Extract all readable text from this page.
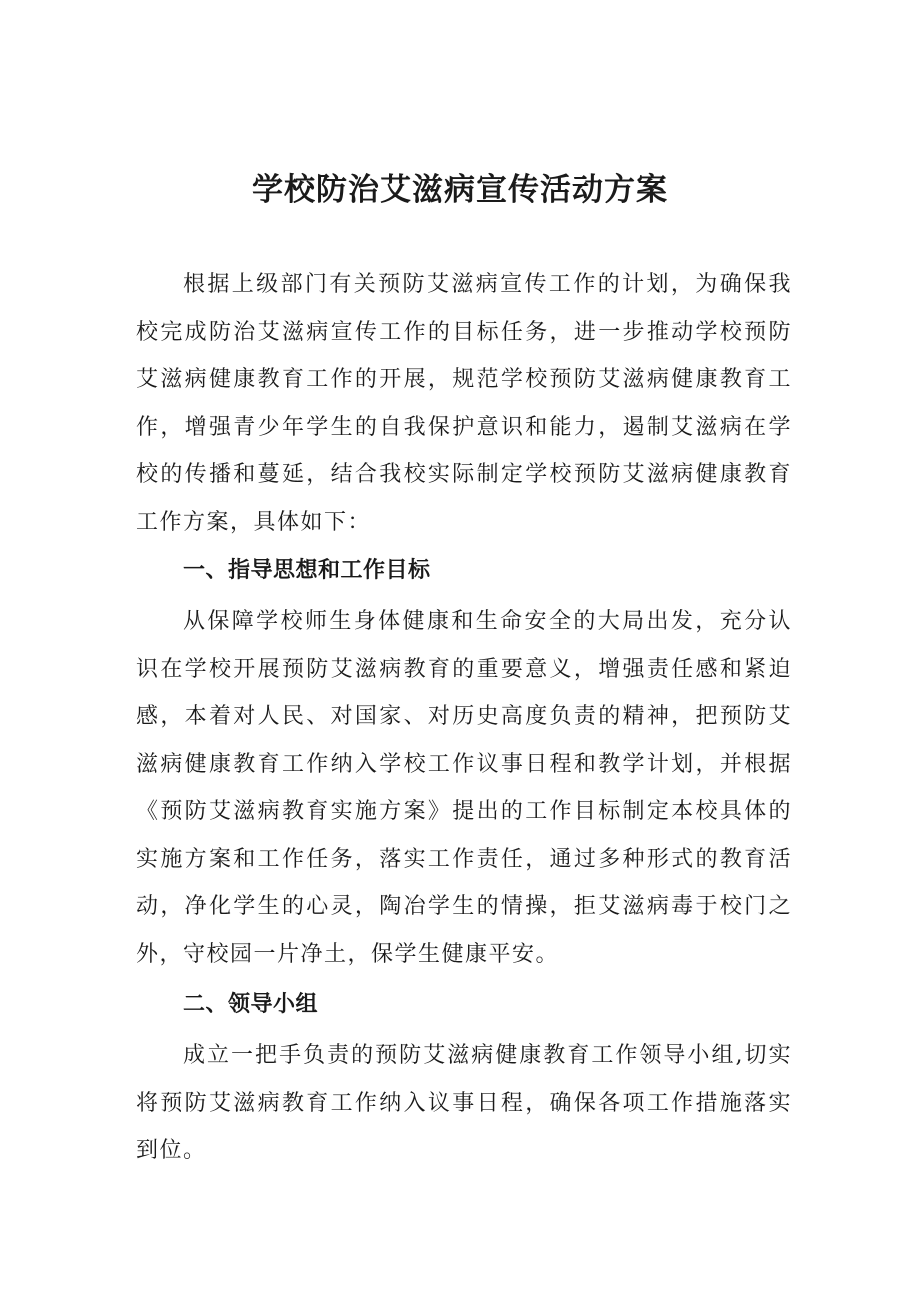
学校防治艾滋病宣传活动方案

根据上级部门有关预防艾滋病宣传工作的计划，为确保我校完成防治艾滋病宣传工作的目标任务，进一步推动学校预防艾滋病健康教育工作的开展，规范学校预防艾滋病健康教育工作，增强青少年学生的自我保护意识和能力，遏制艾滋病在学校的传播和蔓延，结合我校实际制定学校预防艾滋病健康教育工作方案，具体如下：

一、指导思想和工作目标

从保障学校师生身体健康和生命安全的大局出发，充分认识在学校开展预防艾滋病教育的重要意义，增强责任感和紧迫感，本着对人民、对国家、对历史高度负责的精神，把预防艾滋病健康教育工作纳入学校工作议事日程和教学计划，并根据《预防艾滋病教育实施方案》提出的工作目标制定本校具体的实施方案和工作任务，落实工作责任，通过多种形式的教育活动，净化学生的心灵，陶冶学生的情操，拒艾滋病毒于校门之外，守校园一片净土，保学生健康平安。

二、领导小组

成立一把手负责的预防艾滋病健康教育工作领导小组,切实将预防艾滋病教育工作纳入议事日程，确保各项工作措施落实到位。
